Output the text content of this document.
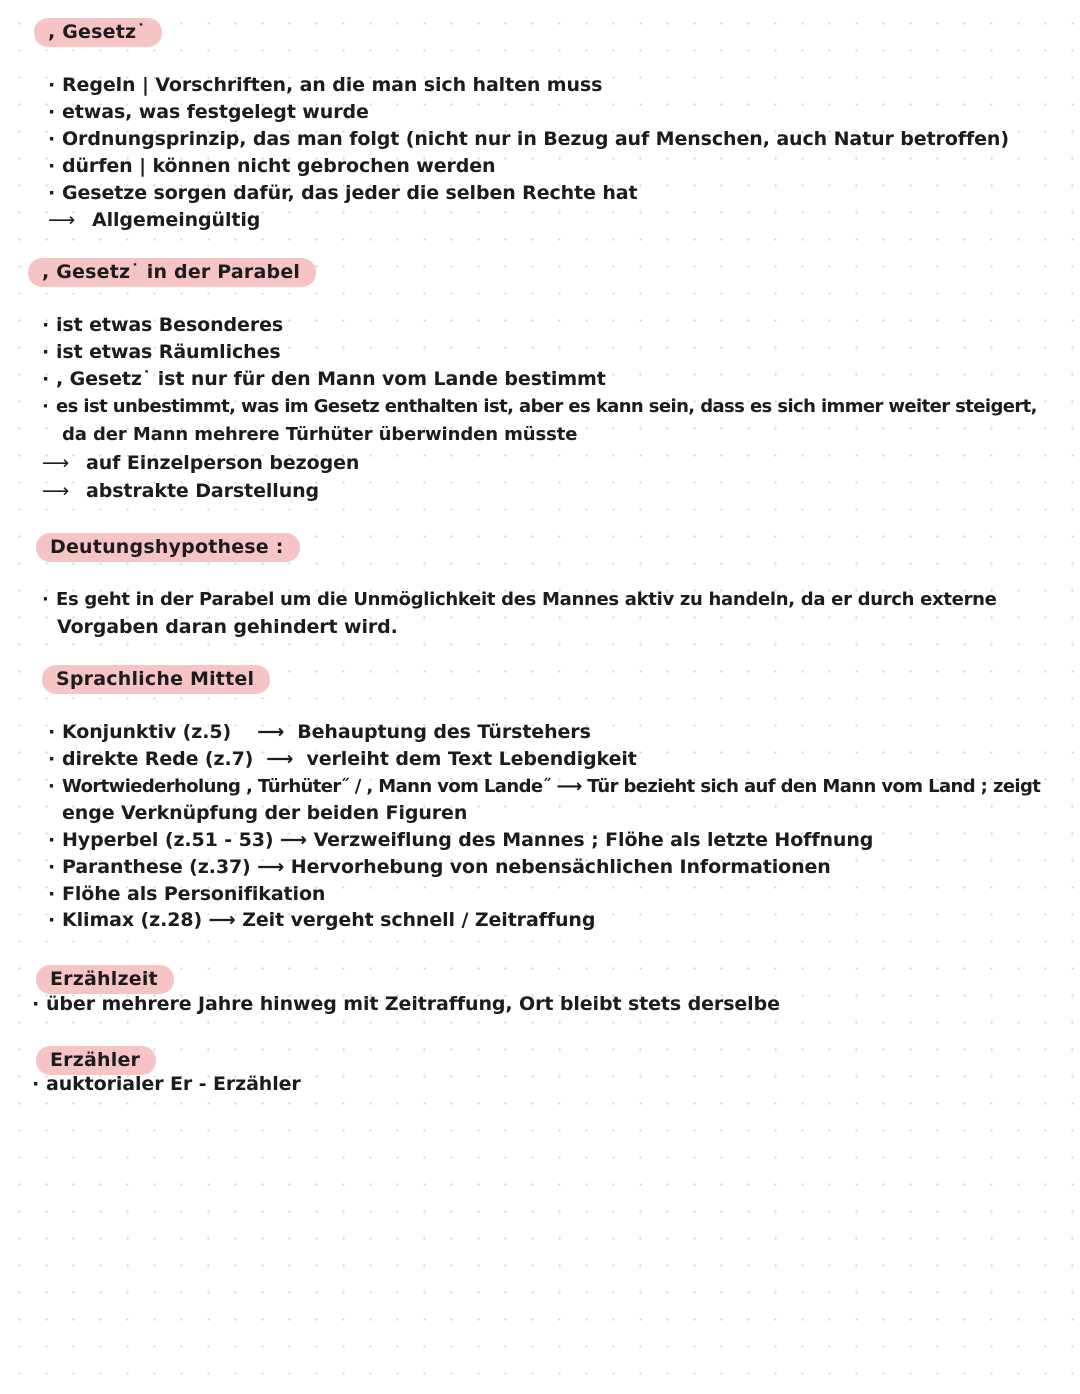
, Gesetz˙
· Regeln | Vorschriften, an die man sich halten muss
· etwas, was festgelegt wurde
· Ordnungsprinzip, das man folgt (nicht nur in Bezug auf Menschen, auch Natur betroffen)
· dürfen | können nicht gebrochen werden
· Gesetze sorgen dafür, das jeder die selben Rechte hat
⟶ Allgemeingültig
, Gesetz˙ in der Parabel
· ist etwas Besonderes
· ist etwas Räumliches
· , Gesetz˙ ist nur für den Mann vom Lande bestimmt
· es ist unbestimmt, was im Gesetz enthalten ist, aber es kann sein, dass es sich immer weiter steigert,
da der Mann mehrere Türhüter überwinden müsste
⟶ auf Einzelperson bezogen
⟶ abstrakte Darstellung
Deutungshypothese :
· Es geht in der Parabel um die Unmöglichkeit des Mannes aktiv zu handeln, da er durch externe
Vorgaben daran gehindert wird.
Sprachliche Mittel
· Konjunktiv (z.5)    ⟶  Behauptung des Türstehers
· direkte Rede (z.7)  ⟶  verleiht dem Text Lebendigkeit
· Wortwiederholung , Türhüter˝ / , Mann vom Lande˝ ⟶ Tür bezieht sich auf den Mann vom Land ; zeigt
enge Verknüpfung der beiden Figuren
· Hyperbel (z.51 - 53) ⟶ Verzweiflung des Mannes ; Flöhe als letzte Hoffnung
· Paranthese (z.37) ⟶ Hervorhebung von nebensächlichen Informationen
· Flöhe als Personifikation
· Klimax (z.28) ⟶ Zeit vergeht schnell / Zeitraffung
Erzählzeit
· über mehrere Jahre hinweg mit Zeitraffung, Ort bleibt stets derselbe
Erzähler
· auktorialer Er - Erzähler
